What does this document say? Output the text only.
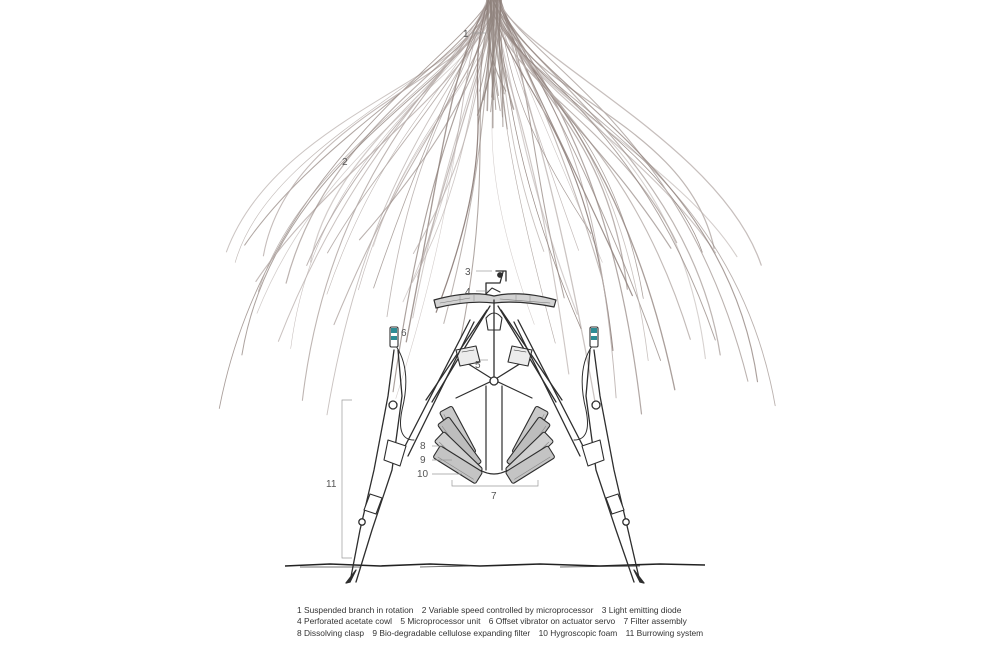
1
2
3
4
5
6
7
8
9
10
11
1 Suspended branch in rotation 2 Variable speed controlled by microprocessor 3 Light emitting diode
4 Perforated acetate cowl 5 Microprocessor unit 6 Offset vibrator on actuator servo 7 Filter assembly
8 Dissolving clasp 9 Bio-degradable cellulose expanding filter 10 Hygroscopic foam 11 Burrowing system
